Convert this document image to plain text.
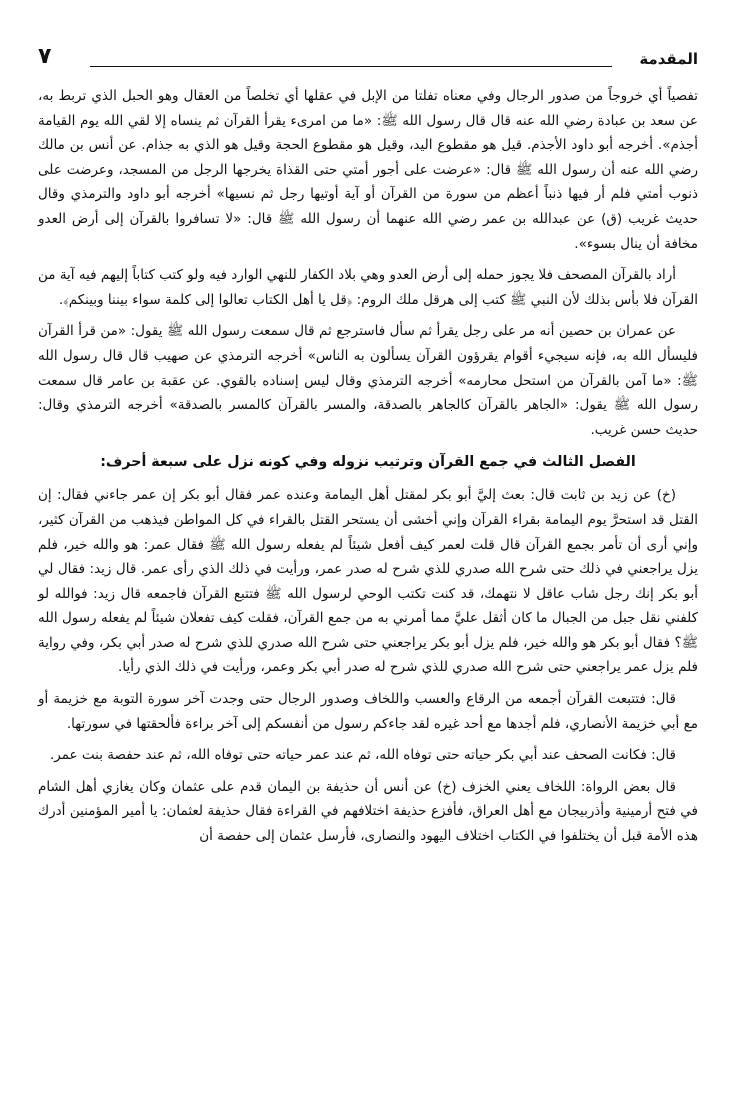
المقدمة
٧

تفصياً أي خروجاً من صدور الرجال وفي معناه تفلتا من الإبل في عقلها أي تخلصاً من العقال وهو الحبل الذي تربط به، عن سعد بن عبادة رضي الله عنه قال قال رسول الله ﷺ: «ما من امرىء يقرأ القرآن ثم ينساه إلا لقي الله يوم القيامة أجذم». أخرجه أبو داود الأجذم. قيل هو مقطوع اليد، وقيل هو مقطوع الحجة وقيل هو الذي به جذام. عن أنس بن مالك رضي الله عنه أن رسول الله ﷺ قال: «عرضت على أجور أمتي حتى القذاة يخرجها الرجل من المسجد، وعرضت على ذنوب أمتي فلم أر فيها ذنباً أعظم من سورة من القرآن أو آية أوتيها رجل ثم نسيها» أخرجه أبو داود والترمذي وقال حديث غريب (ق) عن عبدالله بن عمر رضي الله عنهما أن رسول الله ﷺ قال: «لا تسافروا بالقرآن إلى أرض العدو مخافة أن ينال بسوء».

أراد بالقرآن المصحف فلا يجوز حمله إلى أرض العدو وهي بلاد الكفار للنهي الوارد فيه ولو كتب كتاباً إليهم فيه آية من القرآن فلا بأس بذلك لأن النبي ﷺ كتب إلى هرقل ملك الروم: ﴿قل يا أهل الكتاب تعالوا إلى كلمة سواء بيننا وبينكم﴾.

عن عمران بن حصين أنه مر على رجل يقرأ ثم سأل فاسترجع ثم قال سمعت رسول الله ﷺ يقول: «من قرأ القرآن فليسأل الله به، فإنه سيجيء أقوام يقرؤون القرآن يسألون به الناس» أخرجه الترمذي عن صهيب قال قال رسول الله ﷺ: «ما آمن بالقرآن من استحل محارمه» أخرجه الترمذي وقال ليس إسناده بالقوي. عن عقبة بن عامر قال سمعت رسول الله ﷺ يقول: «الجاهر بالقرآن كالجاهر بالصدقة، والمسر بالقرآن كالمسر بالصدقة» أخرجه الترمذي وقال: حديث حسن غريب.

الفصل الثالث في جمع القرآن وترتيب نزوله وفي كونه نزل على سبعة أحرف:

(خ) عن زيد بن ثابت قال: بعث إليَّ أبو بكر لمقتل أهل اليمامة وعنده عمر فقال أبو بكر إن عمر جاءني فقال: إن القتل قد استحرَّ يوم اليمامة بقراء القرآن وإني أخشى أن يستحر القتل بالقراء في كل المواطن فيذهب من القرآن كثير، وإني أرى أن تأمر بجمع القرآن قال قلت لعمر كيف أفعل شيئاً لم يفعله رسول الله ﷺ فقال عمر: هو والله خير، فلم يزل يراجعني في ذلك حتى شرح الله صدري للذي شرح له صدر عمر، ورأيت في ذلك الذي رأى عمر. قال زيد: فقال لي أبو بكر إنك رجل شاب عاقل لا نتهمك، قد كنت تكتب الوحي لرسول الله ﷺ فتتبع القرآن فاجمعه قال زيد: فوالله لو كلفني نقل جبل من الجبال ما كان أثقل عليَّ مما أمرني به من جمع القرآن، فقلت كيف تفعلان شيئاً لم يفعله رسول الله ﷺ؟ فقال أبو بكر هو والله خير، فلم يزل أبو بكر يراجعني حتى شرح الله صدري للذي شرح له صدر أبي بكر، وفي رواية فلم يزل عمر يراجعني حتى شرح الله صدري للذي شرح له صدر أبي بكر وعمر، ورأيت في ذلك الذي رأيا.

قال: فتتبعت القرآن أجمعه من الرقاع والعسب واللخاف وصدور الرجال حتى وجدت آخر سورة التوبة مع خزيمة أو مع أبي خزيمة الأنصاري، فلم أجدها مع أحد غيره لقد جاءكم رسول من أنفسكم إلى آخر براءة فألحقتها في سورتها.

قال: فكانت الصحف عند أبي بكر حياته حتى توفاه الله، ثم عند عمر حياته حتى توفاه الله، ثم عند حفصة بنت عمر.

قال بعض الرواة: اللخاف يعني الخزف (خ) عن أنس أن حذيفة بن اليمان قدم على عثمان وكان يغازي أهل الشام في فتح أرمينية وأذربيجان مع أهل العراق، فأفزع حذيفة اختلافهم في القراءة فقال حذيفة لعثمان: يا أمير المؤمنين أدرك هذه الأمة قبل أن يختلفوا في الكتاب اختلاف اليهود والنصارى، فأرسل عثمان إلى حفصة أن
